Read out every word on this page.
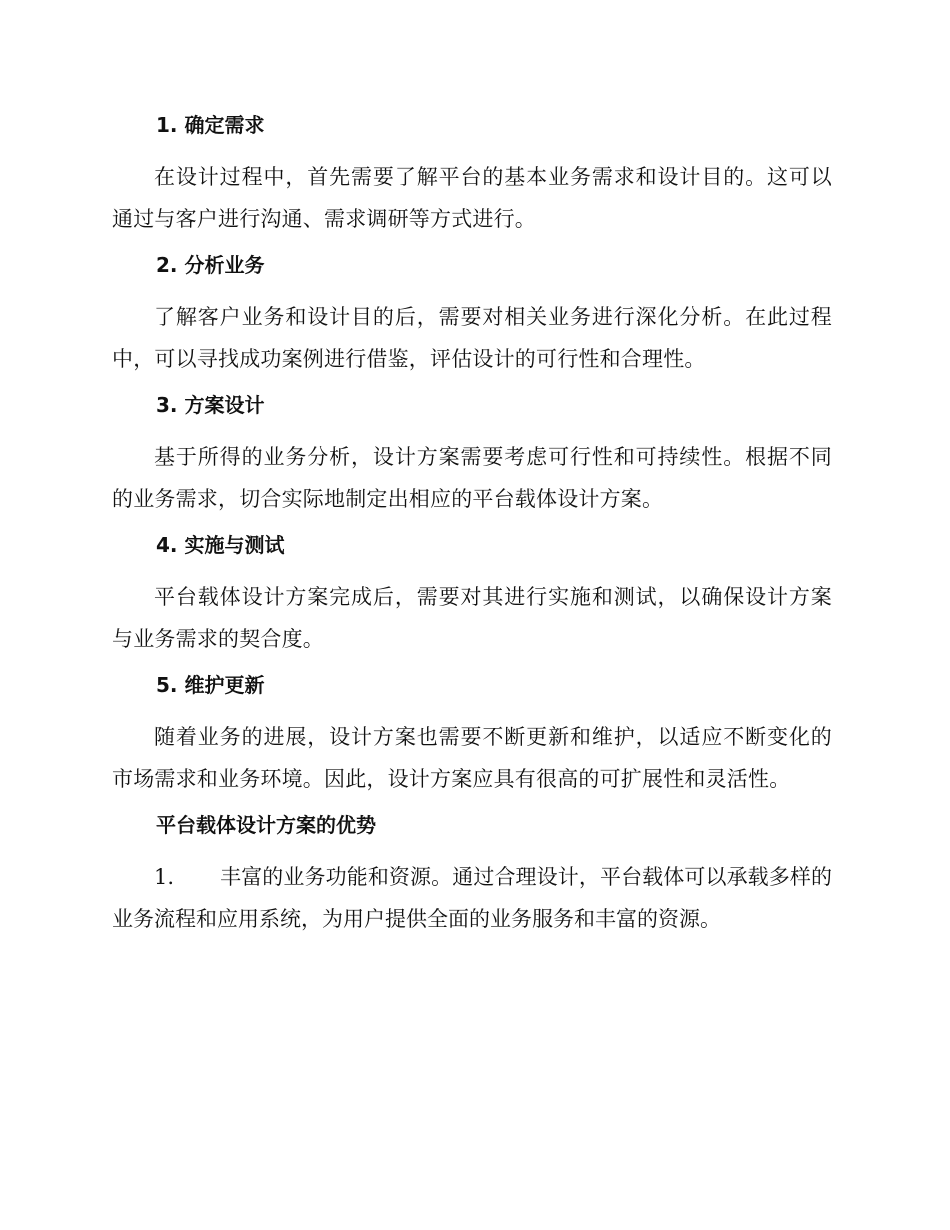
1. 确定需求

在设计过程中，首先需要了解平台的基本业务需求和设计目的。这可以通过与客户进行沟通、需求调研等方式进行。

2. 分析业务

了解客户业务和设计目的后，需要对相关业务进行深化分析。在此过程中，可以寻找成功案例进行借鉴，评估设计的可行性和合理性。

3. 方案设计

基于所得的业务分析，设计方案需要考虑可行性和可持续性。根据不同的业务需求，切合实际地制定出相应的平台载体设计方案。

4. 实施与测试

平台载体设计方案完成后，需要对其进行实施和测试，以确保设计方案与业务需求的契合度。

5. 维护更新

随着业务的进展，设计方案也需要不断更新和维护，以适应不断变化的市场需求和业务环境。因此，设计方案应具有很高的可扩展性和灵活性。

平台载体设计方案的优势

1. 丰富的业务功能和资源。通过合理设计，平台载体可以承载多样的业务流程和应用系统，为用户提供全面的业务服务和丰富的资源。
